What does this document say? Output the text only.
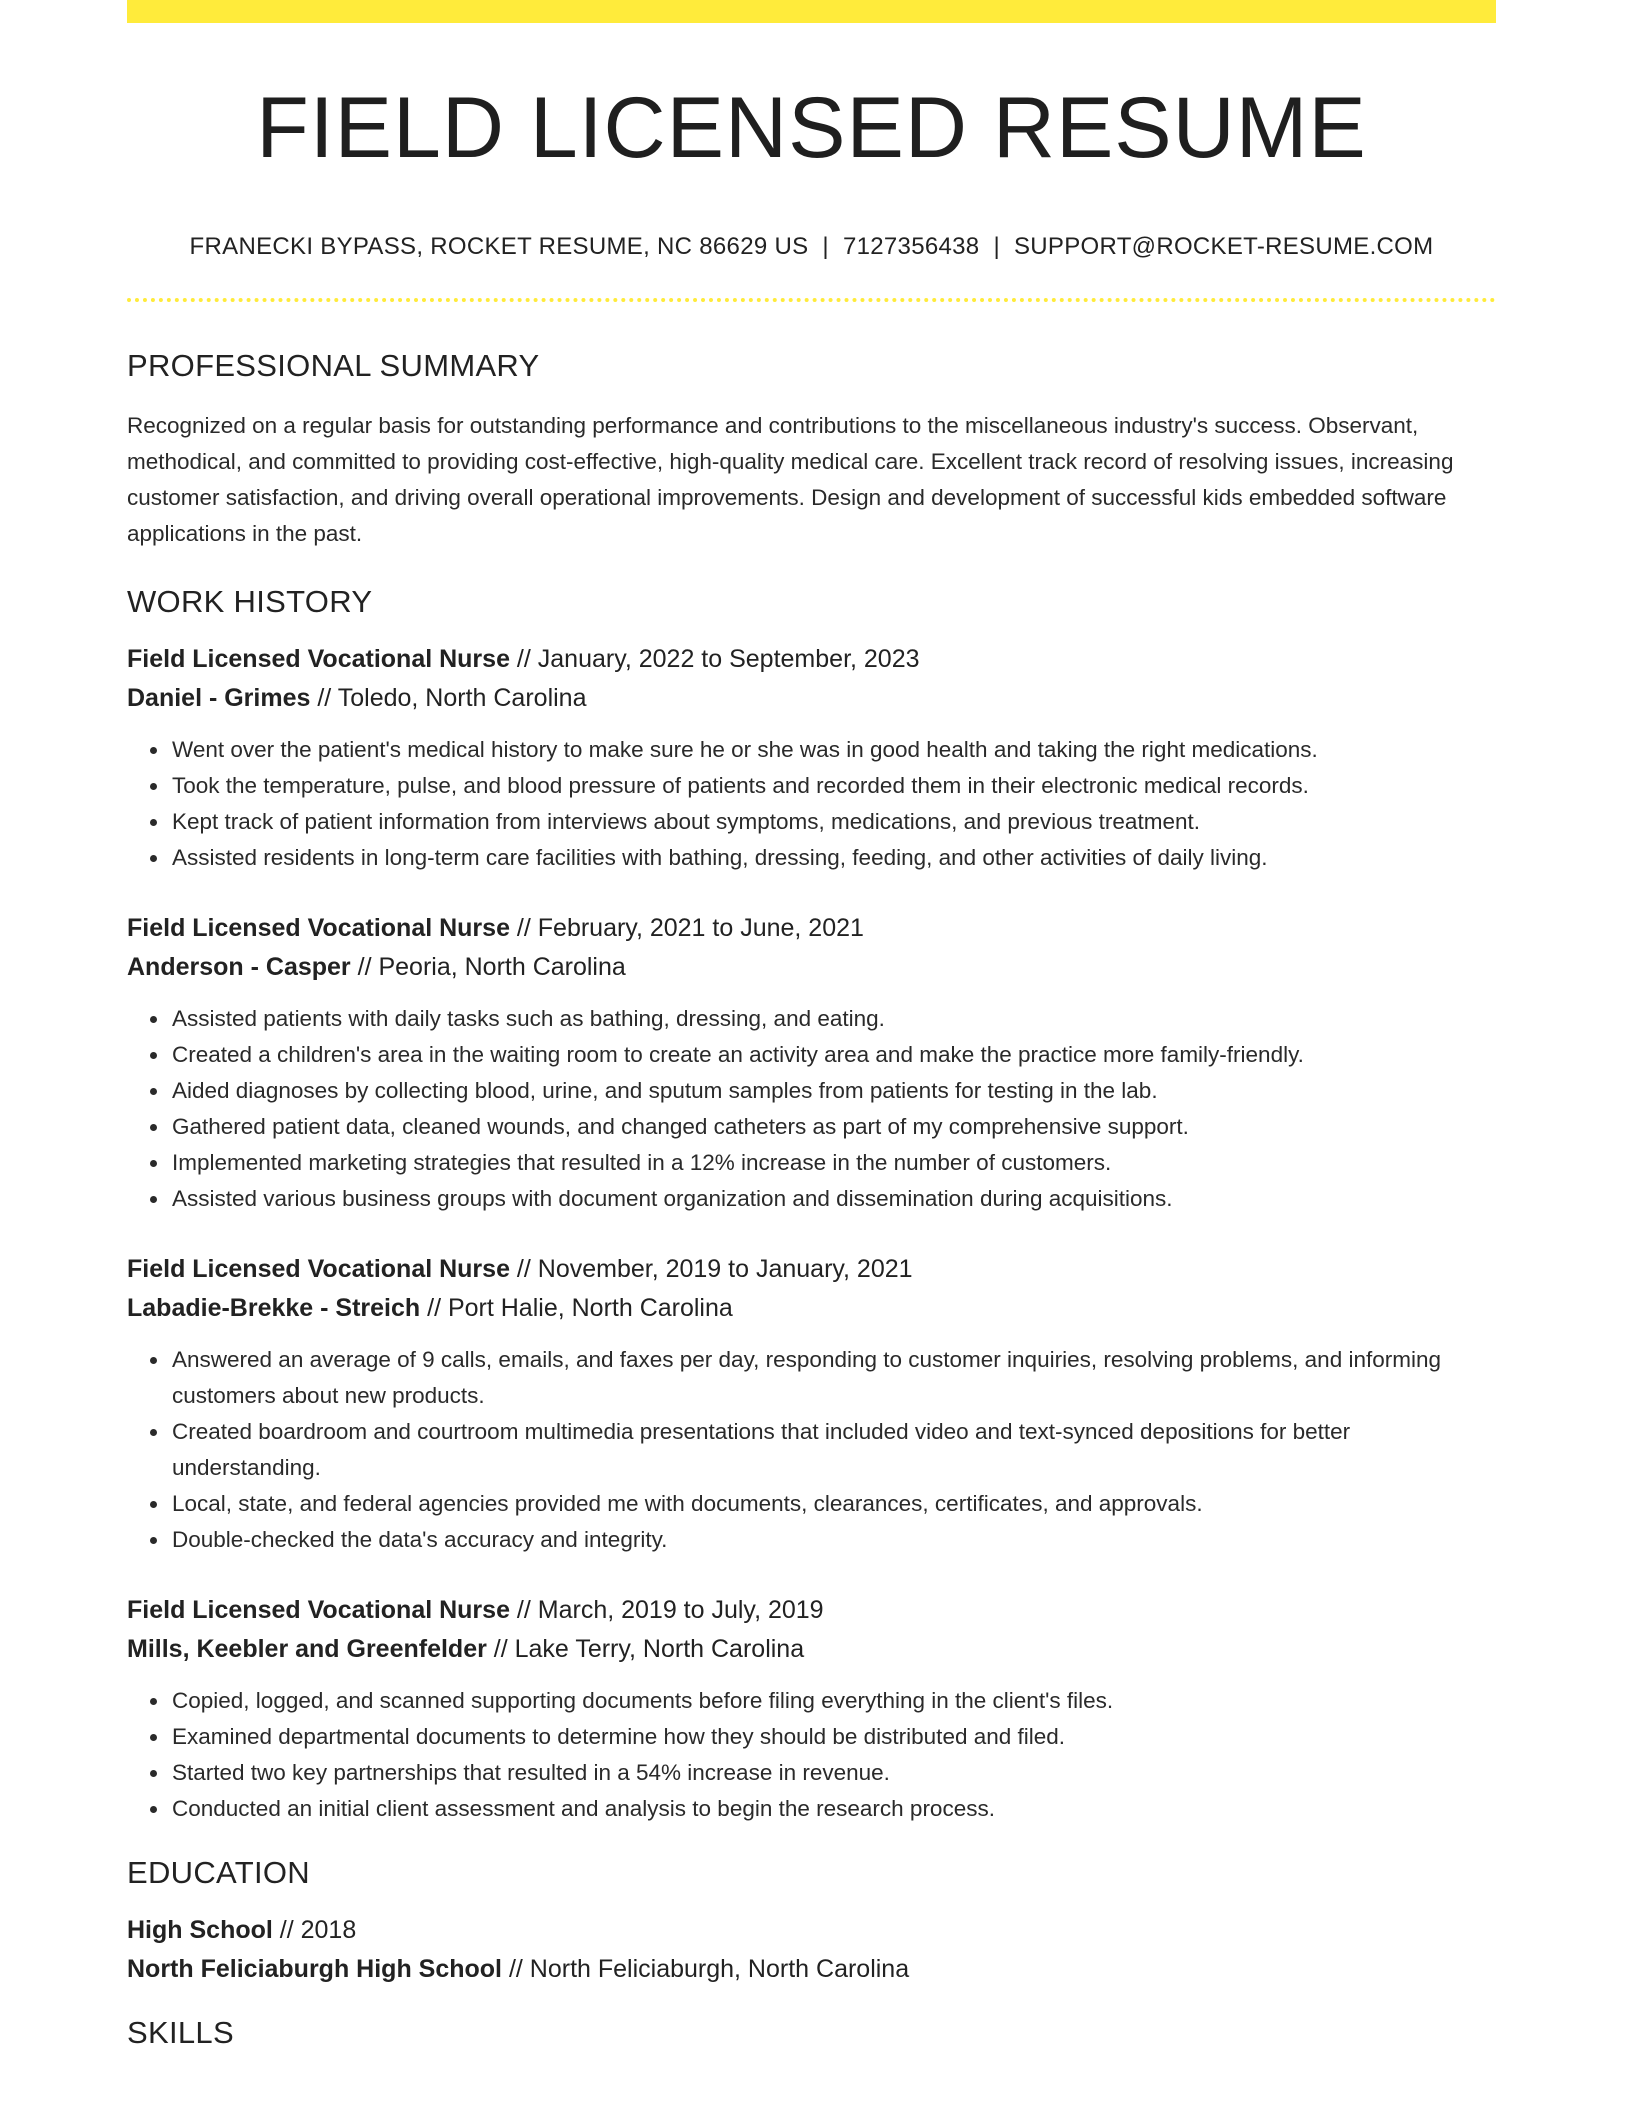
FIELD LICENSED RESUME
FRANECKI BYPASS, ROCKET RESUME, NC 86629 US | 7127356438 | SUPPORT@ROCKET-RESUME.COM
PROFESSIONAL SUMMARY
Recognized on a regular basis for outstanding performance and contributions to the miscellaneous industry's success. Observant, methodical, and committed to providing cost-effective, high-quality medical care. Excellent track record of resolving issues, increasing customer satisfaction, and driving overall operational improvements. Design and development of successful kids embedded software applications in the past.
WORK HISTORY
Field Licensed Vocational Nurse // January, 2022 to September, 2023
Daniel - Grimes // Toledo, North Carolina
• Went over the patient's medical history to make sure he or she was in good health and taking the right medications.
• Took the temperature, pulse, and blood pressure of patients and recorded them in their electronic medical records.
• Kept track of patient information from interviews about symptoms, medications, and previous treatment.
• Assisted residents in long-term care facilities with bathing, dressing, feeding, and other activities of daily living.
Field Licensed Vocational Nurse // February, 2021 to June, 2021
Anderson - Casper // Peoria, North Carolina
• Assisted patients with daily tasks such as bathing, dressing, and eating.
• Created a children's area in the waiting room to create an activity area and make the practice more family-friendly.
• Aided diagnoses by collecting blood, urine, and sputum samples from patients for testing in the lab.
• Gathered patient data, cleaned wounds, and changed catheters as part of my comprehensive support.
• Implemented marketing strategies that resulted in a 12% increase in the number of customers.
• Assisted various business groups with document organization and dissemination during acquisitions.
Field Licensed Vocational Nurse // November, 2019 to January, 2021
Labadie-Brekke - Streich // Port Halie, North Carolina
• Answered an average of 9 calls, emails, and faxes per day, responding to customer inquiries, resolving problems, and informing customers about new products.
• Created boardroom and courtroom multimedia presentations that included video and text-synced depositions for better understanding.
• Local, state, and federal agencies provided me with documents, clearances, certificates, and approvals.
• Double-checked the data's accuracy and integrity.
Field Licensed Vocational Nurse // March, 2019 to July, 2019
Mills, Keebler and Greenfelder // Lake Terry, North Carolina
• Copied, logged, and scanned supporting documents before filing everything in the client's files.
• Examined departmental documents to determine how they should be distributed and filed.
• Started two key partnerships that resulted in a 54% increase in revenue.
• Conducted an initial client assessment and analysis to begin the research process.
EDUCATION
High School // 2018
North Feliciaburgh High School // North Feliciaburgh, North Carolina
SKILLS
